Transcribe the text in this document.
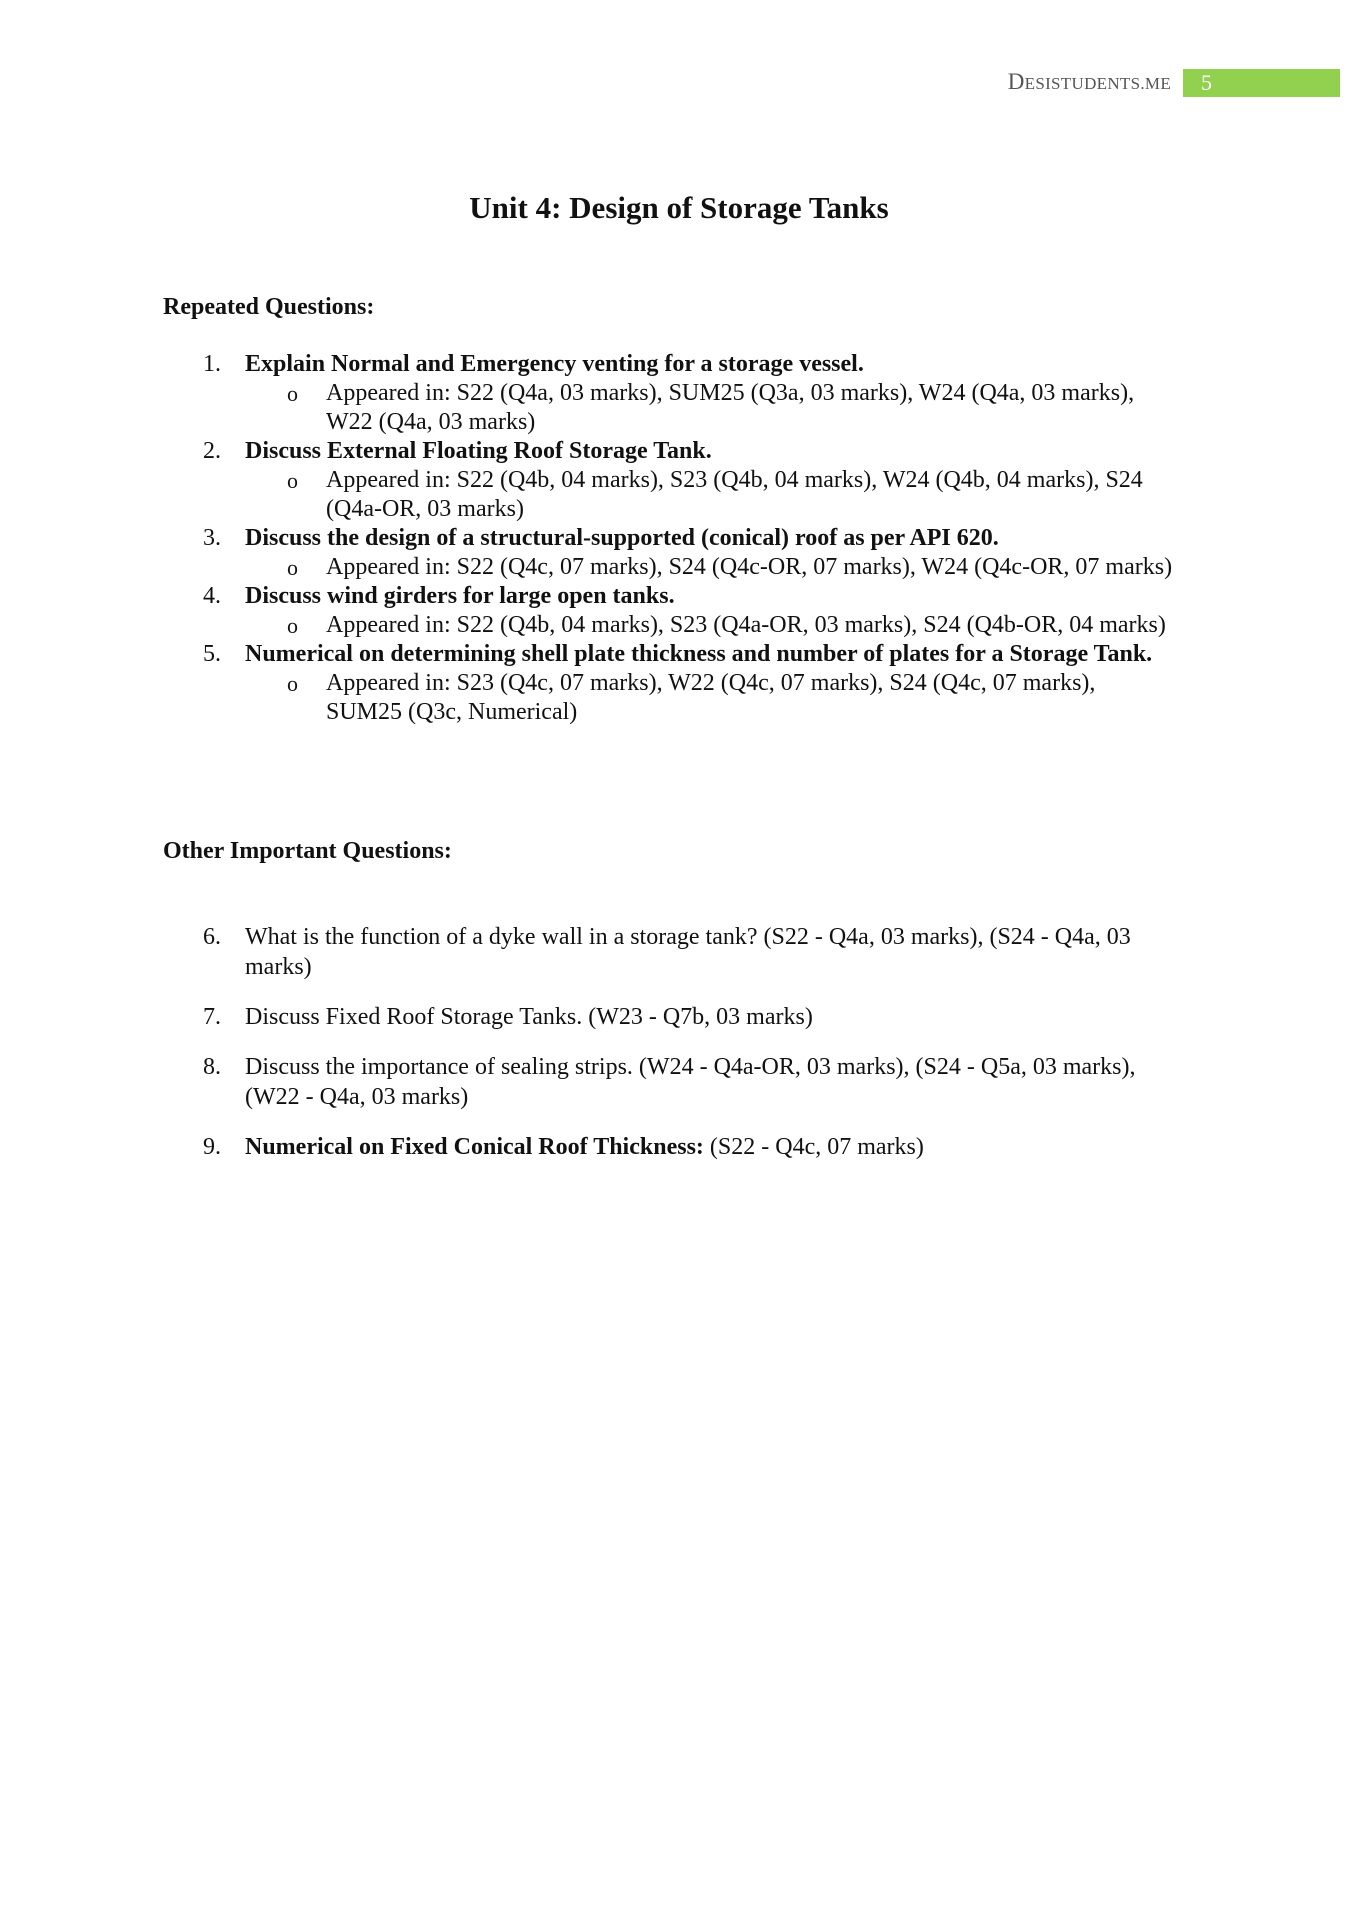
DESISTUDENTS.ME	5
Unit 4: Design of Storage Tanks
Repeated Questions:
1.	Explain Normal and Emergency venting for a storage vessel.
o Appeared in: S22 (Q4a, 03 marks), SUM25 (Q3a, 03 marks), W24 (Q4a, 03 marks), W22 (Q4a, 03 marks)
2.	Discuss External Floating Roof Storage Tank.
o Appeared in: S22 (Q4b, 04 marks), S23 (Q4b, 04 marks), W24 (Q4b, 04 marks), S24 (Q4a-OR, 03 marks)
3.	Discuss the design of a structural-supported (conical) roof as per API 620.
o Appeared in: S22 (Q4c, 07 marks), S24 (Q4c-OR, 07 marks), W24 (Q4c-OR, 07 marks)
4.	Discuss wind girders for large open tanks.
o Appeared in: S22 (Q4b, 04 marks), S23 (Q4a-OR, 03 marks), S24 (Q4b-OR, 04 marks)
5.	Numerical on determining shell plate thickness and number of plates for a Storage Tank.
o Appeared in: S23 (Q4c, 07 marks), W22 (Q4c, 07 marks), S24 (Q4c, 07 marks), SUM25 (Q3c, Numerical)
Other Important Questions:
6.	What is the function of a dyke wall in a storage tank? (S22 - Q4a, 03 marks), (S24 - Q4a, 03 marks)
7.	Discuss Fixed Roof Storage Tanks. (W23 - Q7b, 03 marks)
8.	Discuss the importance of sealing strips. (W24 - Q4a-OR, 03 marks), (S24 - Q5a, 03 marks), (W22 - Q4a, 03 marks)
9.	Numerical on Fixed Conical Roof Thickness: (S22 - Q4c, 07 marks)
